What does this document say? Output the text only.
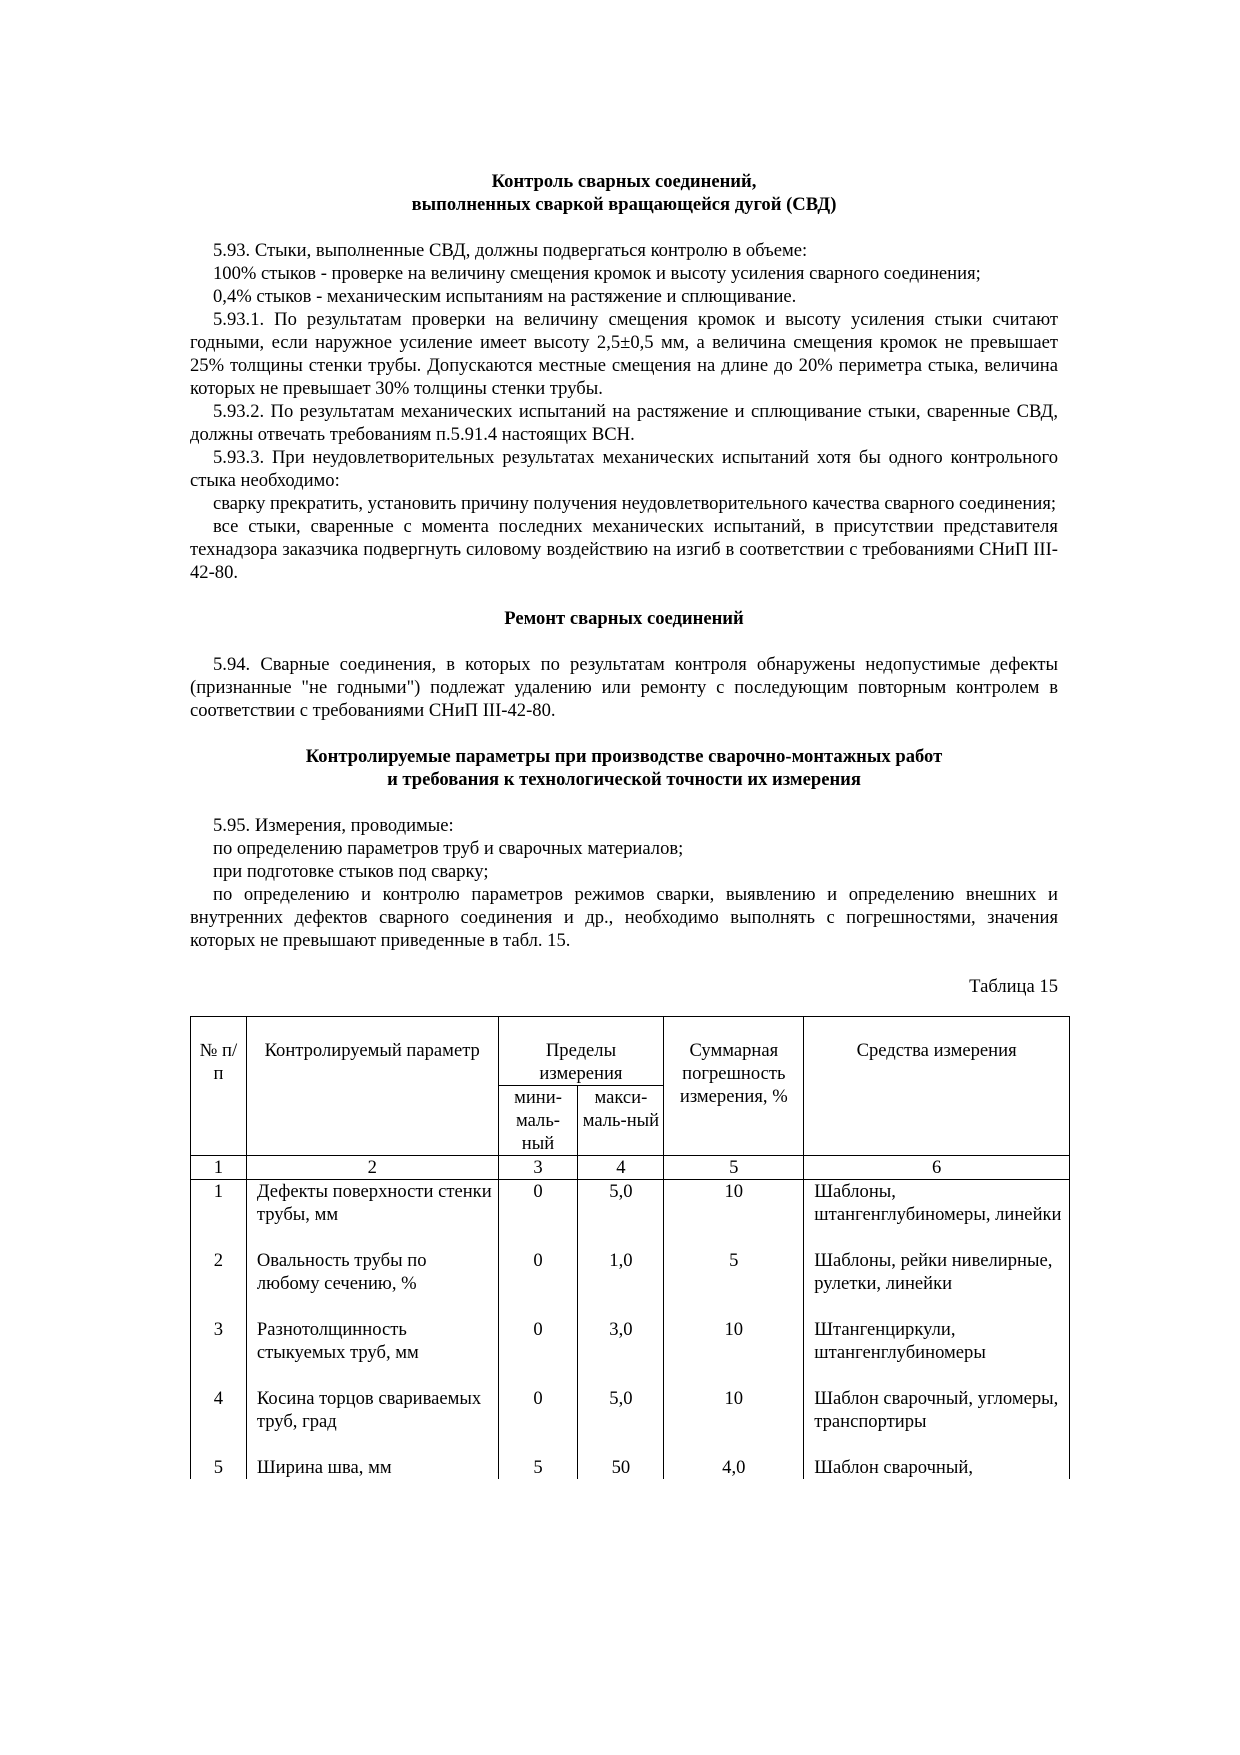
Контроль сварных соединений,
выполненных сваркой вращающейся дугой (СВД)

5.93. Стыки, выполненные СВД, должны подвергаться контролю в объеме:

100% стыков - проверке на величину смещения кромок и высоту усиления сварного соединения;

0,4% стыков - механическим испытаниям на растяжение и сплющивание.

5.93.1. По результатам проверки на величину смещения кромок и высоту усиления стыки считают годными, если наружное усиление имеет высоту 2,5±0,5 мм, а величина смещения кромок не превышает 25% толщины стенки трубы. Допускаются местные смещения на длине до 20% периметра стыка, величина которых не превышает 30% толщины стенки трубы.

5.93.2. По результатам механических испытаний на растяжение и сплющивание стыки, сваренные СВД, должны отвечать требованиям п.5.91.4 настоящих ВСН.

5.93.3. При неудовлетворительных результатах механических испытаний хотя бы одного контрольного стыка необходимо:

сварку прекратить, установить причину получения неудовлетворительного качества сварного соединения;

все стыки, сваренные с момента последних механических испытаний, в присутствии представителя технадзора заказчика подвергнуть силовому воздействию на изгиб в соответствии с требованиями СНиП III-42-80.

Ремонт сварных соединений

5.94. Сварные соединения, в которых по результатам контроля обнаружены недопустимые дефекты (признанные "не годными") подлежат удалению или ремонту с последующим повторным контролем в соответствии с требованиями СНиП III-42-80.

Контролируемые параметры при производстве сварочно-монтажных работ
и требования к технологической точности их измерения

5.95. Измерения, проводимые:

по определению параметров труб и сварочных материалов;

при подготовке стыков под сварку;

по определению и контролю параметров режимов сварки, выявлению и определению внешних и внутренних дефектов сварного соединения и др., необходимо выполнять с погрешностями, значения которых не превышают приведенные в табл. 15.

Таблица 15

№ п/п	Контролируемый параметр	Пределы измерения		Суммарная погрешность измерения, %	Средства измерения
		мини-маль-ный	макси-маль-ный		
1	2	3	4	5	6
1	Дефекты поверхности стенки трубы, мм	0	5,0	10	Шаблоны, штангенглубиномеры, линейки
2	Овальность трубы по любому сечению, %	0	1,0	5	Шаблоны, рейки нивелирные, рулетки, линейки
3	Разнотолщинность стыкуемых труб, мм	0	3,0	10	Штангенциркули, штангенглубиномеры
4	Косина торцов свариваемых труб, град	0	5,0	10	Шаблон сварочный, угломеры, транспортиры
5	Ширина шва, мм	5	50	4,0	Шаблон сварочный,
